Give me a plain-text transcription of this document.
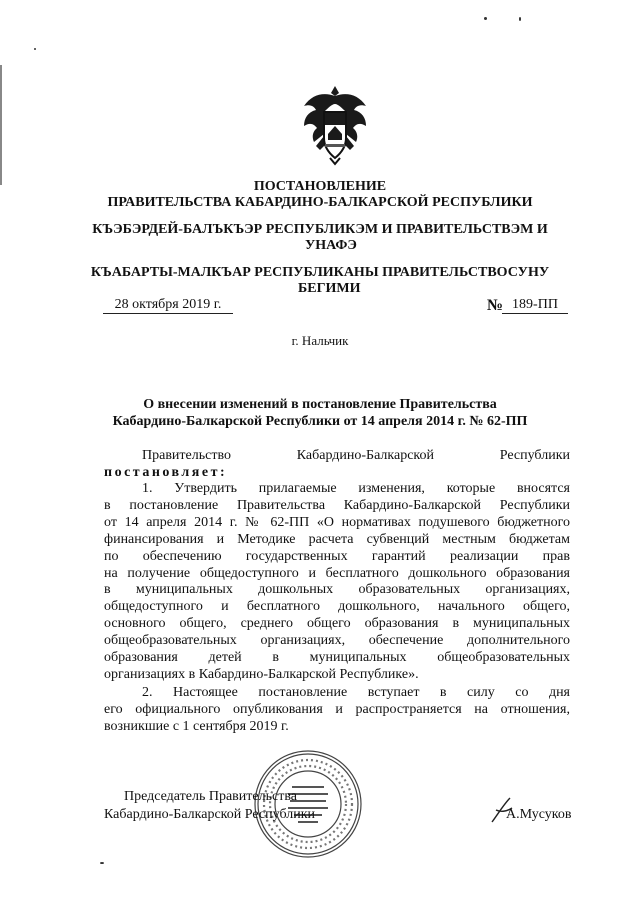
ПОСТАНОВЛЕНИЕ
ПРАВИТЕЛЬСТВА КАБАРДИНО-БАЛКАРСКОЙ РЕСПУБЛИКИ
КЪЭБЭРДЕЙ-БАЛЪКЪЭР РЕСПУБЛИКЭМ И ПРАВИТЕЛЬСТВЭМ И
УНАФЭ
КЪАБАРТЫ-МАЛКЪАР РЕСПУБЛИКАНЫ ПРАВИТЕЛЬСТВОСУНУ
БЕГИМИ
28 октября 2019 г.	№ 189-ПП
г. Нальчик
О внесении изменений в постановление Правительства
Кабардино-Балкарской Республики от 14 апреля 2014 г. № 62-ПП
Правительство	Кабардино-Балкарской	Республики
постановляет:
1. Утвердить прилагаемые изменения, которые вносятся
в постановление Правительства Кабардино-Балкарской Республики
от 14 апреля 2014 г. № 62-ПП «О нормативах подушевого бюджетного
финансирования и Методике расчета субвенций местным бюджетам
по обеспечению государственных гарантий реализации прав
на получение общедоступного и бесплатного дошкольного образования
в муниципальных дошкольных образовательных организациях,
общедоступного и бесплатного дошкольного, начального общего,
основного общего, среднего общего образования в муниципальных
общеобразовательных организациях, обеспечение дополнительного
образования детей в муниципальных общеобразовательных
организациях в Кабардино-Балкарской Республике».
2. Настоящее постановление вступает в силу со дня
его официального опубликования и распространяется на отношения,
возникшие с 1 сентября 2019 г.
Председатель Правительства
Кабардино-Балкарской Республики	А.Мусуков
